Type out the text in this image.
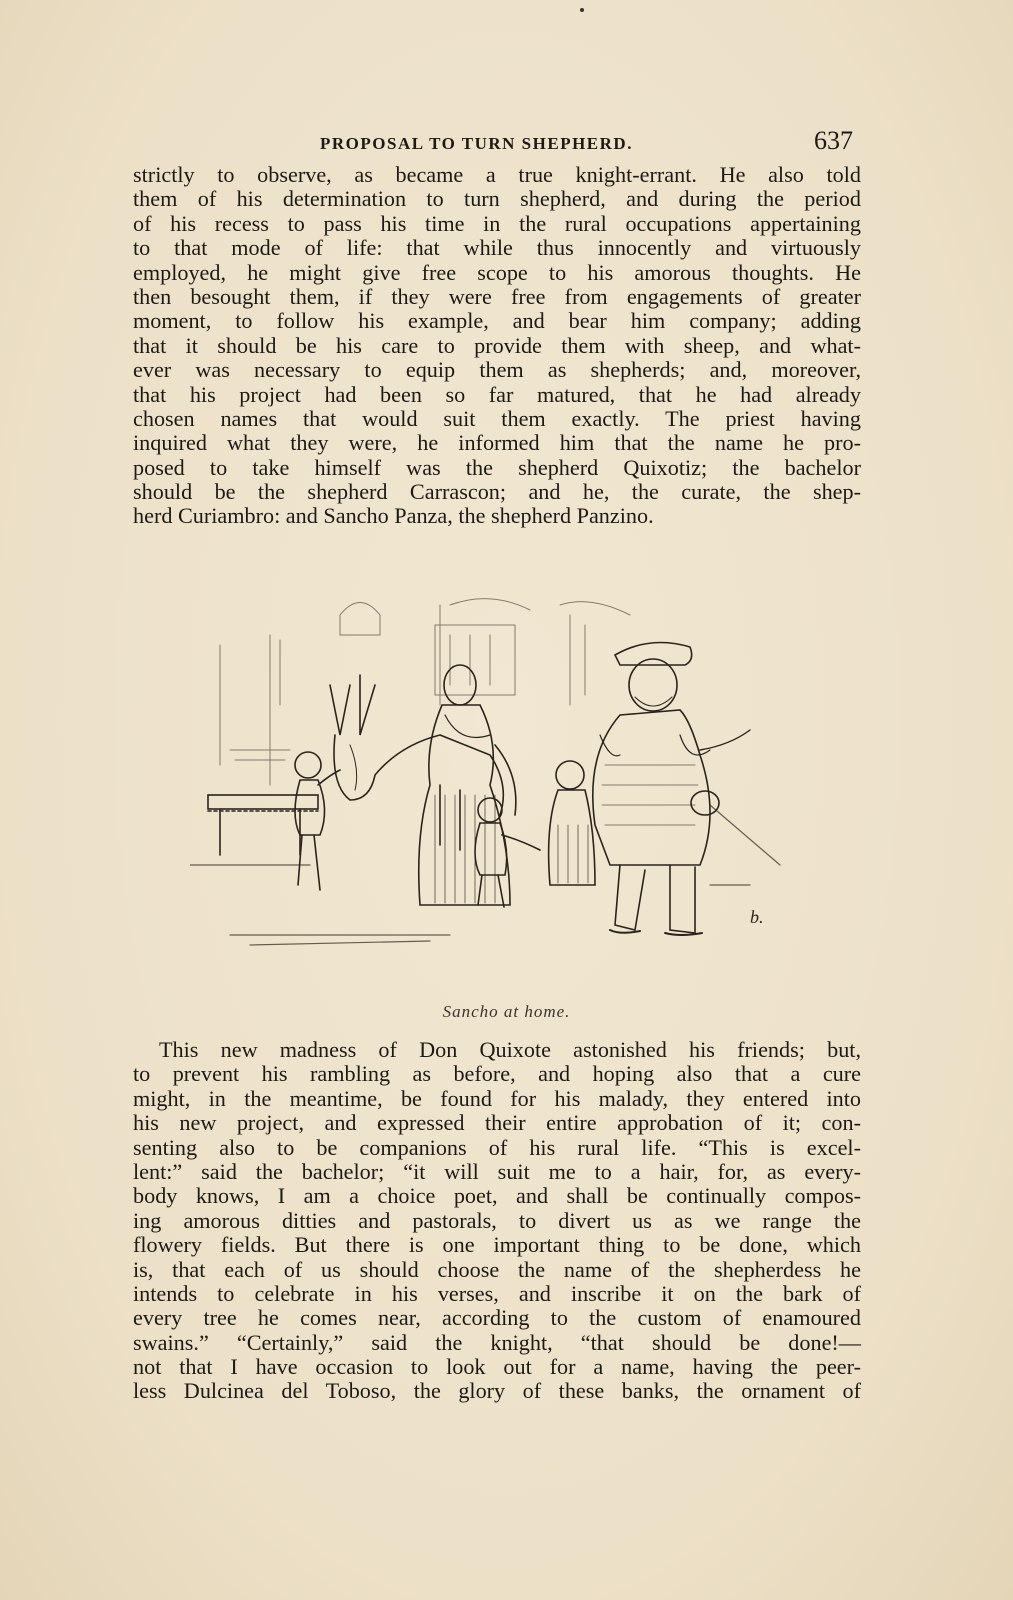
PROPOSAL TO TURN SHEPHERD.	637
strictly to observe, as became a true knight-errant. He also told
them of his determination to turn shepherd, and during the period
of his recess to pass his time in the rural occupations appertaining
to that mode of life: that while thus innocently and virtuously
employed, he might give free scope to his amorous thoughts. He
then besought them, if they were free from engagements of greater
moment, to follow his example, and bear him company; adding
that it should be his care to provide them with sheep, and what-
ever was necessary to equip them as shepherds; and, moreover,
that his project had been so far matured, that he had already
chosen names that would suit them exactly. The priest having
inquired what they were, he informed him that the name he pro-
posed to take himself was the shepherd Quixotiz; the bachelor
should be the shepherd Carrascon; and he, the curate, the shep-
herd Curiambro: and Sancho Panza, the shepherd Panzino.
b.
Sancho at home.
This new madness of Don Quixote astonished his friends; but,
to prevent his rambling as before, and hoping also that a cure
might, in the meantime, be found for his malady, they entered into
his new project, and expressed their entire approbation of it; con-
senting also to be companions of his rural life. “This is excel-
lent:” said the bachelor; “it will suit me to a hair, for, as every-
body knows, I am a choice poet, and shall be continually compos-
ing amorous ditties and pastorals, to divert us as we range the
flowery fields. But there is one important thing to be done, which
is, that each of us should choose the name of the shepherdess he
intends to celebrate in his verses, and inscribe it on the bark of
every tree he comes near, according to the custom of enamoured
swains.” “Certainly,” said the knight, “that should be done!—
not that I have occasion to look out for a name, having the peer-
less Dulcinea del Toboso, the glory of these banks, the ornament of
